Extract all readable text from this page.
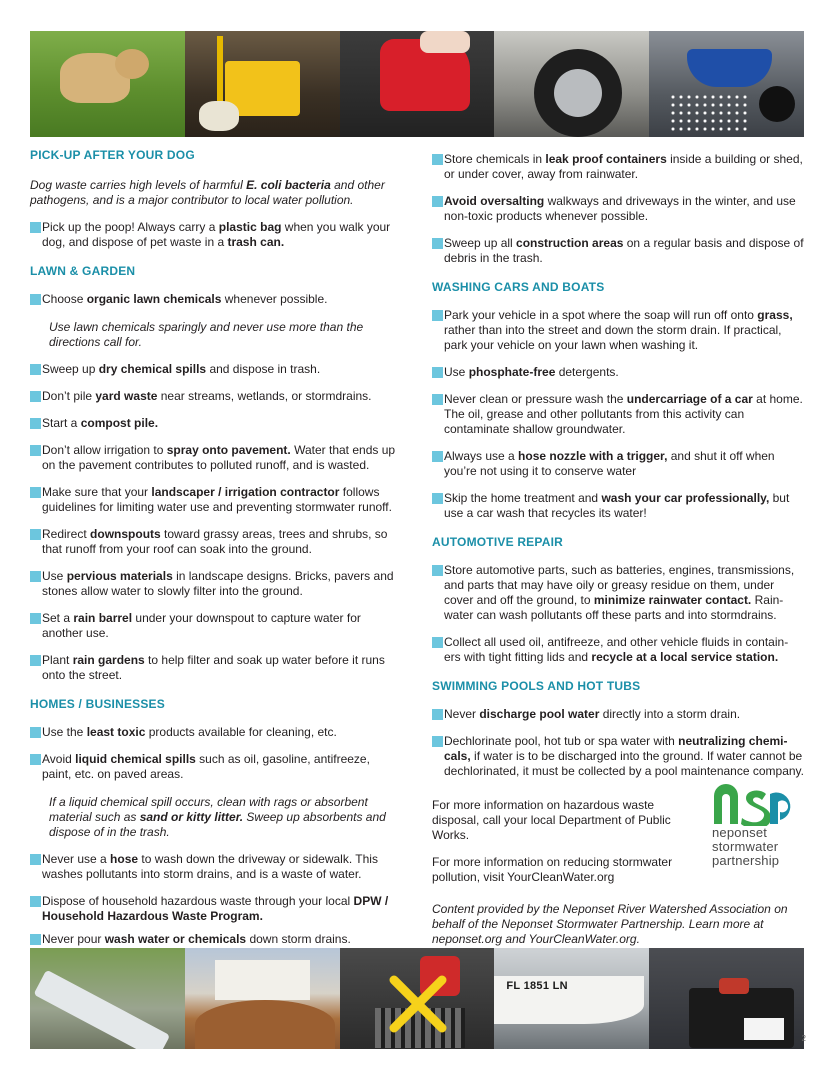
PICK-UP AFTER YOUR DOG

Dog waste carries high levels of harmful E. coli bacteria and other pathogens, and is a major contributor to local water pollution.

Pick up the poop! Always carry a plastic bag when you walk your dog, and dispose of pet waste in a trash can.

LAWN & GARDEN

Choose organic lawn chemicals whenever possible.

Use lawn chemicals sparingly and never use more than the directions call for.

Sweep up dry chemical spills and dispose in trash.

Don’t pile yard waste near streams, wetlands, or stormdrains.

Start a compost pile.

Don’t allow irrigation to spray onto pavement. Water that ends up on the pavement contributes to polluted runoff, and is wasted.

Make sure that your landscaper / irrigation contractor follows guidelines for limiting water use and preventing stormwater runoff.

Redirect downspouts toward grassy areas, trees and shrubs, so that runoff from your roof can soak into the ground.

Use pervious materials in landscape designs. Bricks, pavers and stones allow water to slowly filter into the ground.

Set a rain barrel under your downspout to capture water for another use.

Plant rain gardens to help filter and soak up water before it runs onto the street.

HOMES / BUSINESSES

Use the least toxic products available for cleaning, etc.

Avoid liquid chemical spills such as oil, gasoline, antifreeze, paint, etc. on paved areas.

If a liquid chemical spill occurs, clean with rags or absorbent material such as sand or kitty litter. Sweep up absorbents and dispose of in the trash.

Never use a hose to wash down the driveway or sidewalk. This washes pollutants into storm drains, and is a waste of water.

Dispose of household hazardous waste through your local DPW / Household Hazardous Waste Program.

Never pour wash water or chemicals down storm drains.

Store chemicals in leak proof containers inside a building or shed, or under cover, away from rainwater.

Avoid oversalting walkways and driveways in the winter, and use non-toxic products whenever possible.

Sweep up all construction areas on a regular basis and dispose of debris in the trash.

WASHING CARS AND BOATS

Park your vehicle in a spot where the soap will run off onto grass, rather than into the street and down the storm drain. If practical, park your vehicle on your lawn when washing it.

Use phosphate-free detergents.

Never clean or pressure wash the undercarriage of a car at home. The oil, grease and other pollutants from this activity can contaminate shallow groundwater.

Always use a hose nozzle with a trigger, and shut it off when you’re not using it to conserve water

Skip the home treatment and wash your car professionally, but use a car wash that recycles its water!

AUTOMOTIVE REPAIR

Store automotive parts, such as batteries, engines, transmissions, and parts that may have oily or greasy residue on them, under cover and off the ground, to minimize rainwater contact. Rain-water can wash pollutants off these parts and into stormdrains.

Collect all used oil, antifreeze, and other vehicle fluids in contain-ers with tight fitting lids and recycle at a local service station.

SWIMMING POOLS AND HOT TUBS

Never discharge pool water directly into a storm drain.

Dechlorinate pool, hot tub or spa water with neutralizing chemi-cals, if water is to be discharged into the ground. If water cannot be dechlorinated, it must be collected by a pool maintenance company.

For more information on hazardous waste disposal, call your local Department of Public Works.

For more information on reducing stormwater pollution, visit YourCleanWater.org

Content provided by the Neponset River Watershed Association on behalf of the Neponset Stormwater Partnership. Learn more at neponset.org and YourCleanWater.org.

neponset
stormwater
partnership
FL 1851 LN
2
